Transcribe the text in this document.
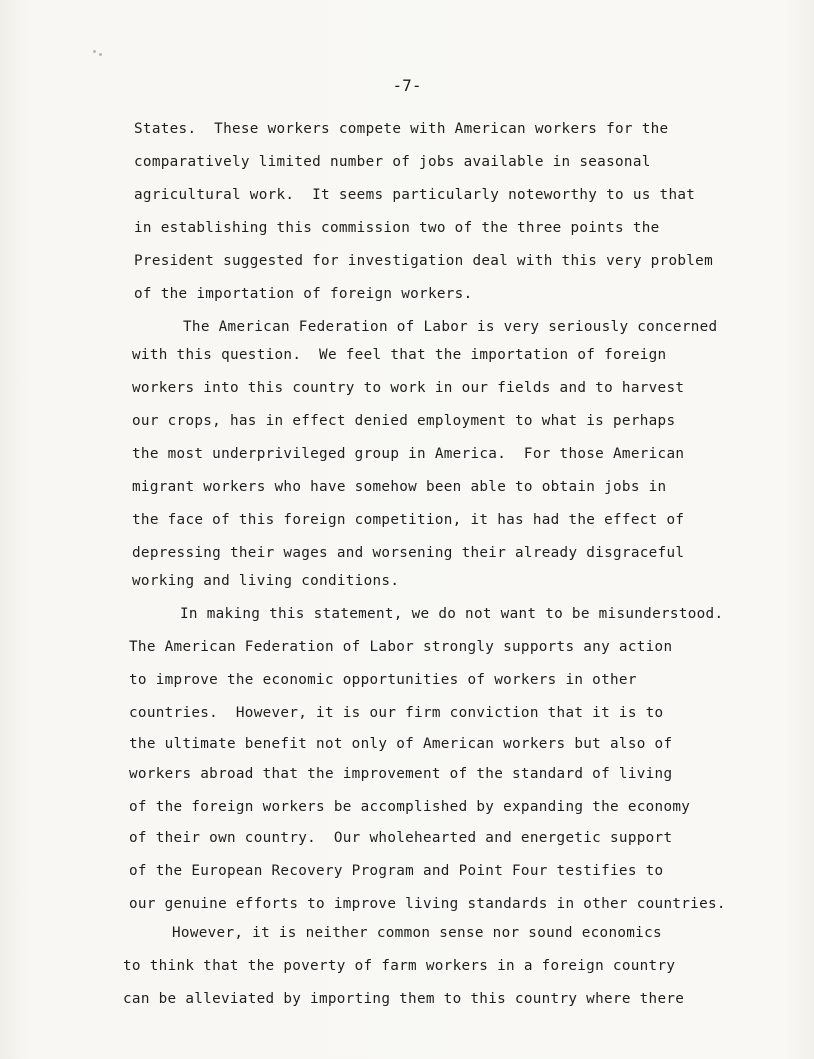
-7-

States.  These workers compete with American workers for the

comparatively limited number of jobs available in seasonal

agricultural work.  It seems particularly noteworthy to us that

in establishing this commission two of the three points the

President suggested for investigation deal with this very problem

of the importation of foreign workers.

The American Federation of Labor is very seriously concerned

with this question.  We feel that the importation of foreign

workers into this country to work in our fields and to harvest

our crops, has in effect denied employment to what is perhaps

the most underprivileged group in America.  For those American

migrant workers who have somehow been able to obtain jobs in

the face of this foreign competition, it has had the effect of

depressing their wages and worsening their already disgraceful

working and living conditions.

In making this statement, we do not want to be misunderstood.

The American Federation of Labor strongly supports any action

to improve the economic opportunities of workers in other

countries.  However, it is our firm conviction that it is to

the ultimate benefit not only of American workers but also of

workers abroad that the improvement of the standard of living

of the foreign workers be accomplished by expanding the economy

of their own country.  Our wholehearted and energetic support

of the European Recovery Program and Point Four testifies to

our genuine efforts to improve living standards in other countries.

However, it is neither common sense nor sound economics

to think that the poverty of farm workers in a foreign country

can be alleviated by importing them to this country where there
